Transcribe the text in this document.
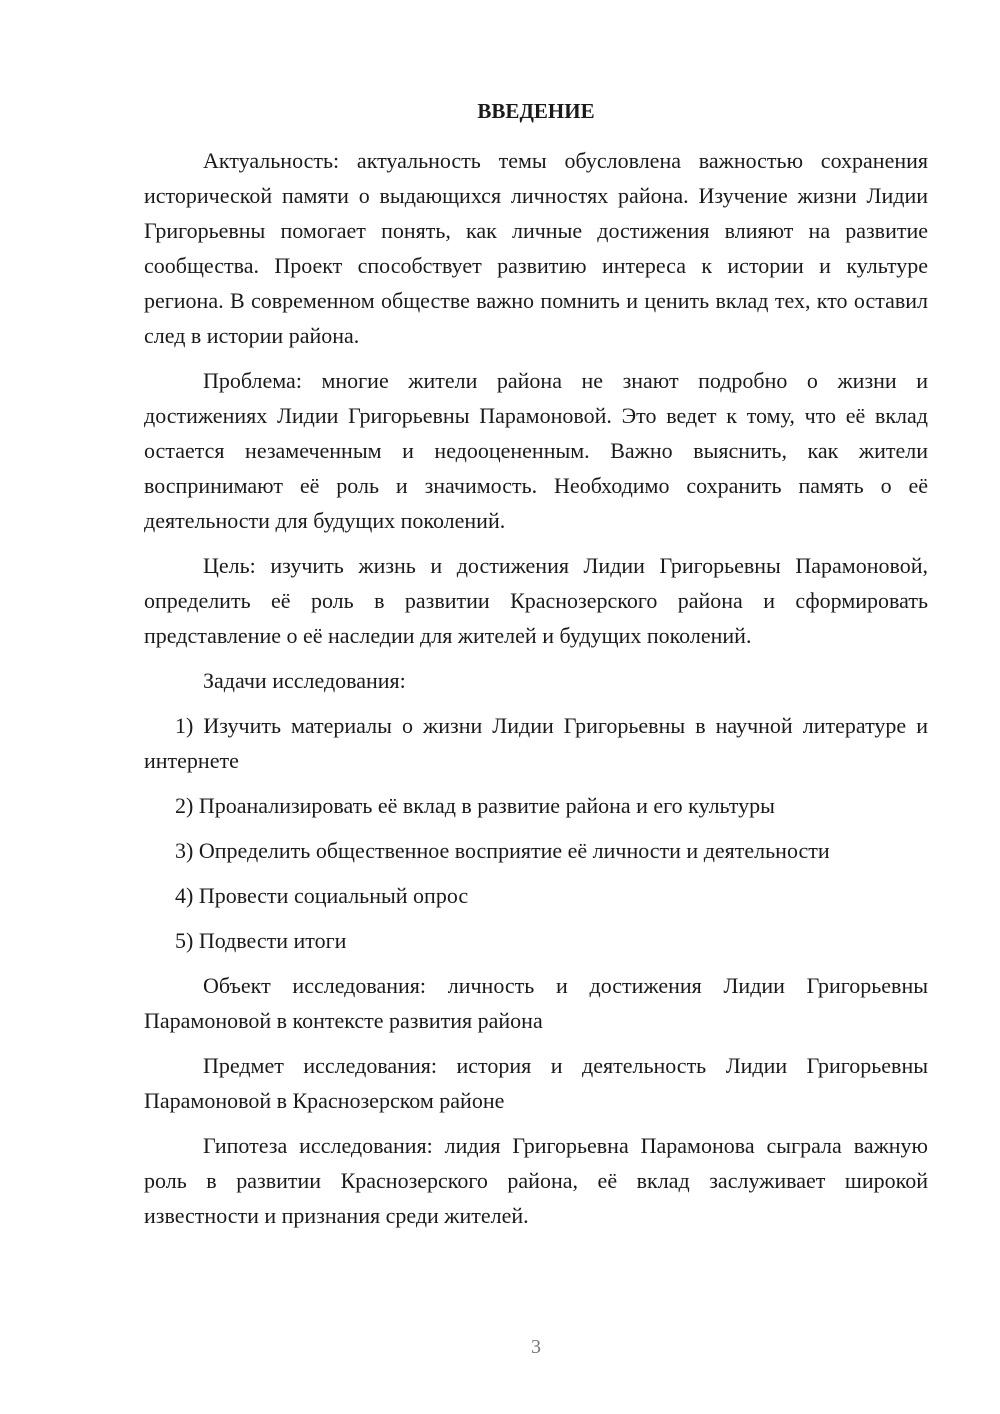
ВВЕДЕНИЕ

Актуальность: актуальность темы обусловлена важностью сохранения исторической памяти о выдающихся личностях района. Изучение жизни Лидии Григорьевны помогает понять, как личные достижения влияют на развитие сообщества. Проект способствует развитию интереса к истории и культуре региона. В современном обществе важно помнить и ценить вклад тех, кто оставил след в истории района.

Проблема: многие жители района не знают подробно о жизни и достижениях Лидии Григорьевны Парамоновой. Это ведет к тому, что её вклад остается незамеченным и недооцененным. Важно выяснить, как жители воспринимают её роль и значимость. Необходимо сохранить память о её деятельности для будущих поколений.

Цель: изучить жизнь и достижения Лидии Григорьевны Парамоновой, определить её роль в развитии Краснозерского района и сформировать представление о её наследии для жителей и будущих поколений.

Задачи исследования:

1) Изучить материалы о жизни Лидии Григорьевны в научной литературе и интернете

2) Проанализировать её вклад в развитие района и его культуры

3) Определить общественное восприятие её личности и деятельности

4) Провести социальный опрос

5) Подвести итоги

Объект исследования: личность и достижения Лидии Григорьевны Парамоновой в контексте развития района

Предмет исследования: история и деятельность Лидии Григорьевны Парамоновой в Краснозерском районе

Гипотеза исследования: лидия Григорьевна Парамонова сыграла важную роль в развитии Краснозерского района, её вклад заслуживает широкой известности и признания среди жителей.

3
